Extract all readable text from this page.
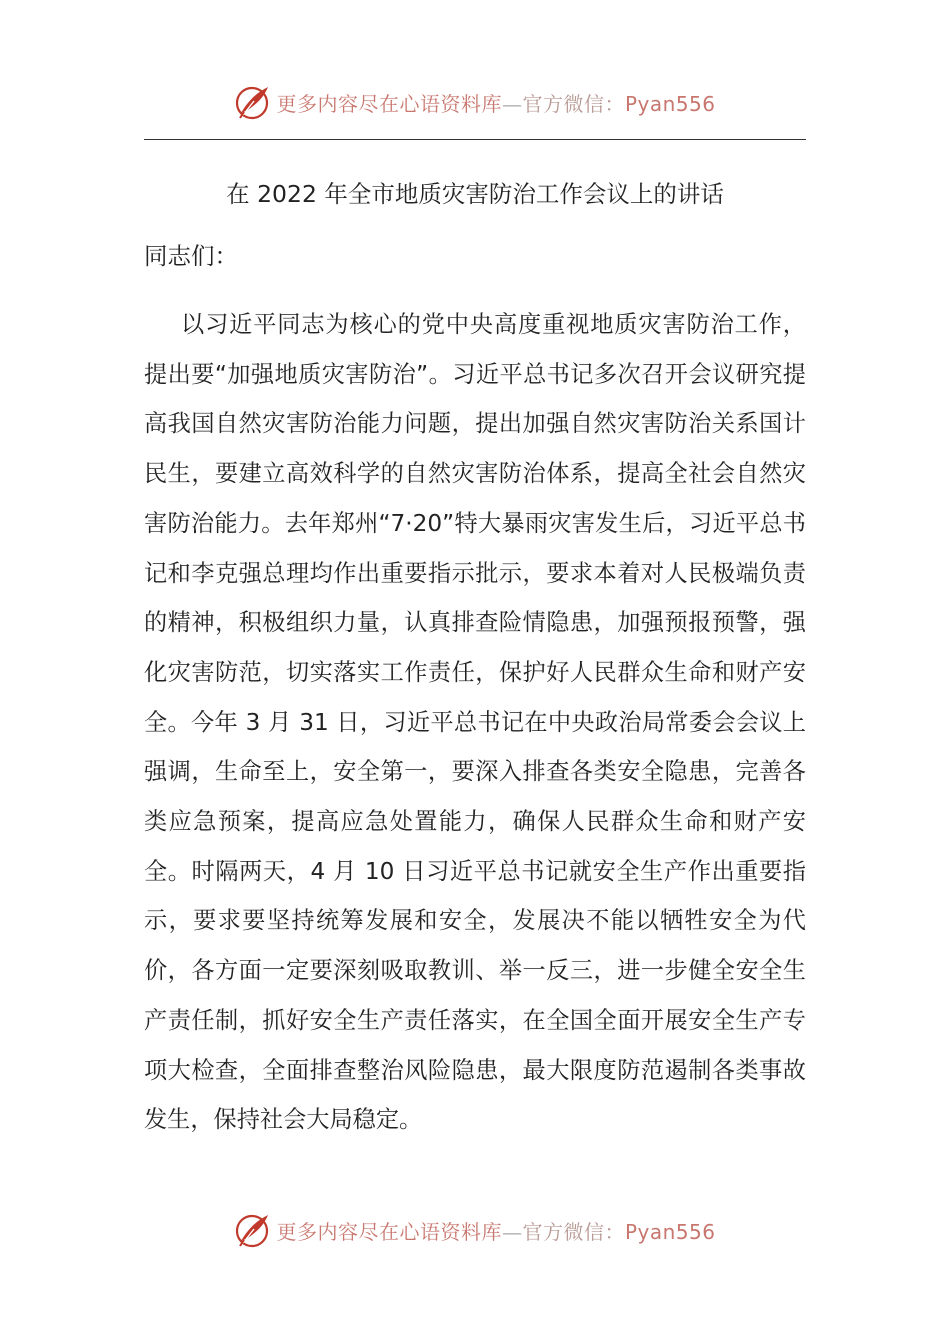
更多内容尽在心语资料库—官方微信：Pyan556
在 2022 年全市地质灾害防治工作会议上的讲话
同志们：

以习近平同志为核心的党中央高度重视地质灾害防治工作，提出要“加强地质灾害防治”。习近平总书记多次召开会议研究提高我国自然灾害防治能力问题，提出加强自然灾害防治关系国计民生，要建立高效科学的自然灾害防治体系，提高全社会自然灾害防治能力。去年郑州“7·20”特大暴雨灾害发生后，习近平总书记和李克强总理均作出重要指示批示，要求本着对人民极端负责的精神，积极组织力量，认真排查险情隐患，加强预报预警，强化灾害防范，切实落实工作责任，保护好人民群众生命和财产安全。今年 3 月 31 日，习近平总书记在中央政治局常委会会议上强调，生命至上，安全第一，要深入排查各类安全隐患，完善各类应急预案，提高应急处置能力，确保人民群众生命和财产安全。时隔两天，4 月 10 日习近平总书记就安全生产作出重要指示，要求要坚持统筹发展和安全，发展决不能以牺牲安全为代价，各方面一定要深刻吸取教训、举一反三，进一步健全安全生产责任制，抓好安全生产责任落实，在全国全面开展安全生产专项大检查，全面排查整治风险隐患，最大限度防范遏制各类事故发生，保持社会大局稳定。

更多内容尽在心语资料库—官方微信：Pyan556
